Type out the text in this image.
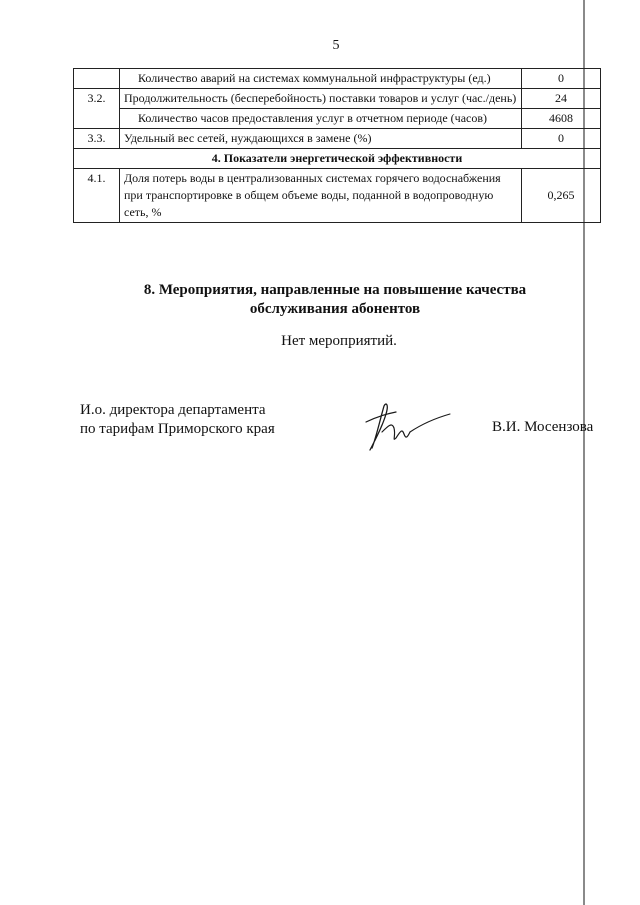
5
	Количество аварий на системах коммунальной инфраструктуры (ед.)	0
3.2.	Продолжительность (бесперебойность) поставки товаров и услуг (час./день)	24
	Количество часов предоставления услуг в отчетном периоде (часов)	4608
3.3.	Удельный вес сетей, нуждающихся в замене (%)	0
4. Показатели энергетической эффективности		
4.1.	Доля потерь воды в централизованных системах горячего водоснабжения при транспортировке в общем объеме воды, поданной в водопроводную сеть, %	0,265
8. Мероприятия, направленные на повышение качества обслуживания абонентов
Нет мероприятий.
И.о. директора департамента
по тарифам Приморского края	В.И. Мосензова
